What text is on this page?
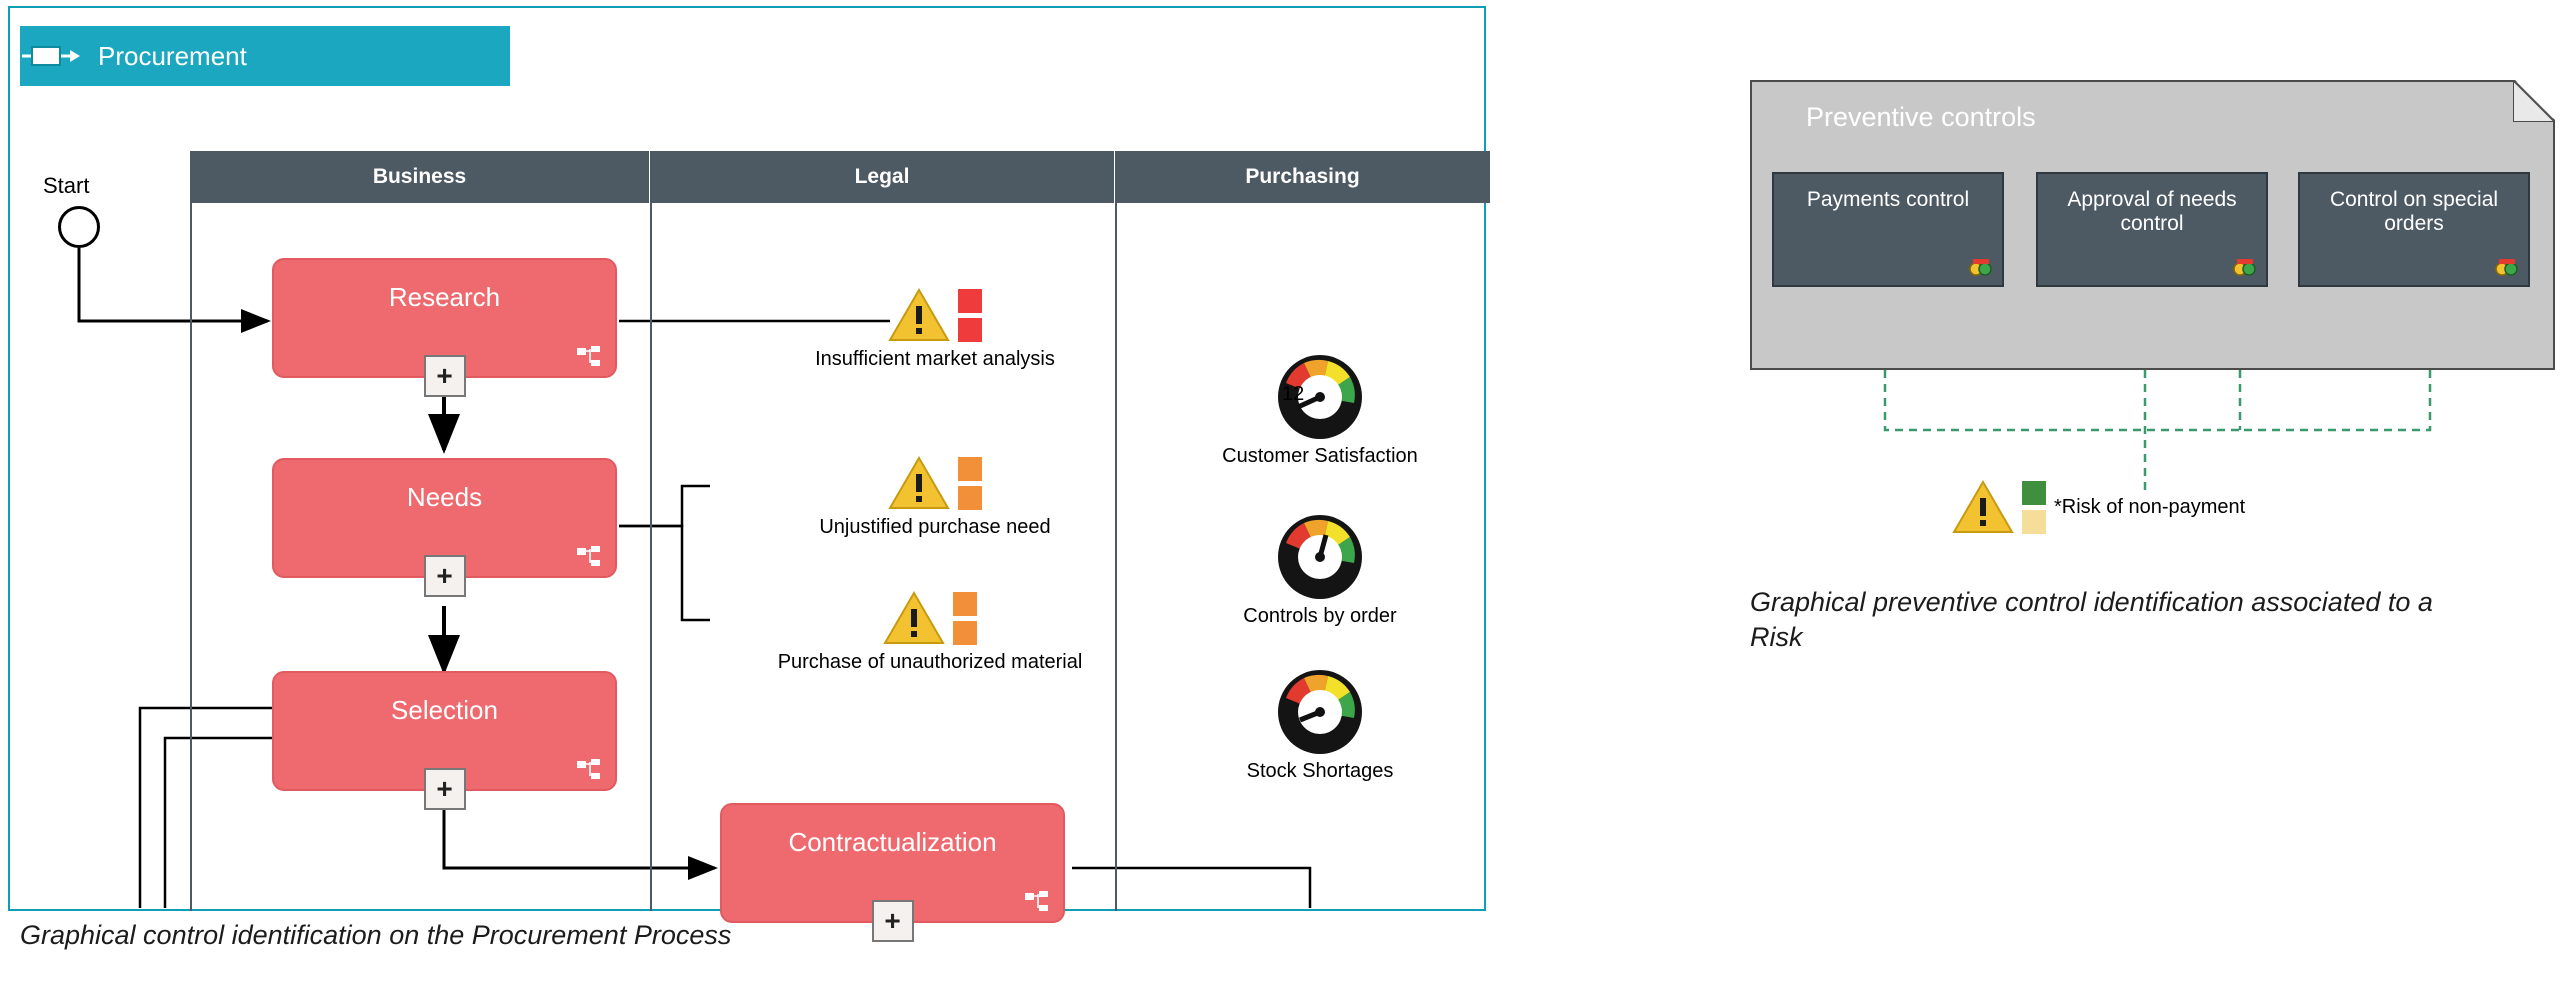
Procurement
Business	Legal	Purchasing
Start
Research
+
Needs
+
Selection
+
Contractualization
+
Insufficient market analysis
Unjustified purchase need
Purchase of unauthorized material
12
Customer Satisfaction
Controls by order
Stock Shortages
Graphical control identification on the Procurement Process
Preventive controls
Payments control	Approval of needs control
Control on special orders
*Risk of non-payment
Graphical preventive control identification associated to a Risk
